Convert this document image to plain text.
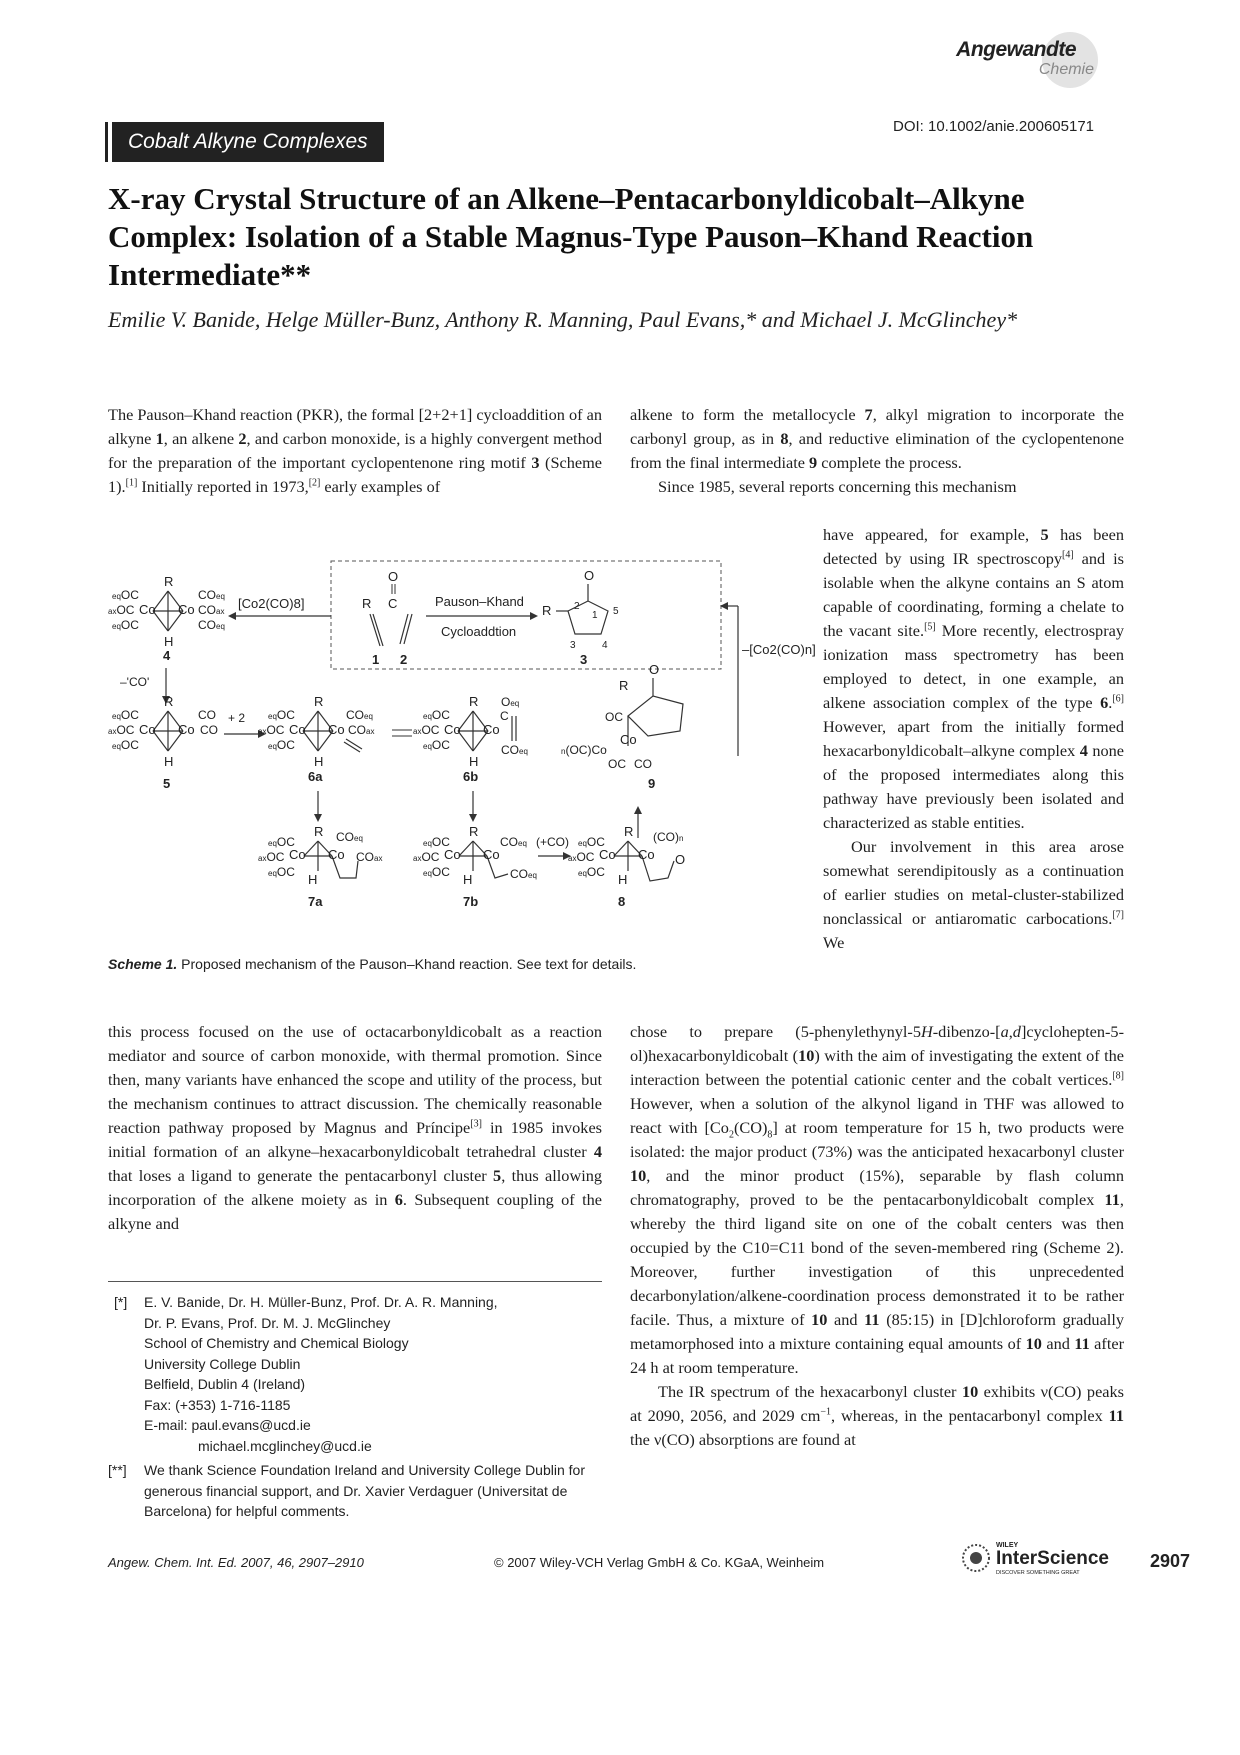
Angewandte
Chemie
DOI: 10.1002/anie.200605171
Cobalt Alkyne Complexes
X-ray Crystal Structure of an Alkene–Pentacarbonyldicobalt–Alkyne Complex: Isolation of a Stable Magnus-Type Pauson–Khand Reaction Intermediate**
Emilie V. Banide, Helge Müller-Bunz, Anthony R. Manning, Paul Evans,* and Michael J. McGlinchey*

The Pauson–Khand reaction (PKR), the formal [2+2+1] cycloaddition of an alkyne 1, an alkene 2, and carbon monoxide, is a highly convergent method for the preparation of the important cyclopentenone ring motif 3 (Scheme 1).[1] Initially reported in 1973,[2] early examples of

alkene to form the metallocycle 7, alkyl migration to incorporate the carbonyl group, as in 8, and reductive elimination of the cyclopentenone from the final intermediate 9 complete the process.

Since 1985, several reports concerning this mechanism

have appeared, for example, 5 has been detected by using IR spectroscopy[4] and is isolable when the alkyne contains an S atom capable of coordinating, forming a chelate to the vacant site.[5] More recently, electrospray ionization mass spectrometry has been employed to detect, in one example, an alkene association complex of the type 6.[6] However, apart from the initially formed hexacarbonyldicobalt–alkyne complex 4 none of the proposed intermediates along this pathway have previously been isolated and characterized as stable entities.

Our involvement in this area arose somewhat serendipitously as a continuation of earlier studies on metal-cluster-stabilized nonclassical or antiaromatic carbocations.[7] We

R
H
eqOC
axOC
eqOC
Co Co
COeq
COax
COeq
4
[Co2(CO)8]	R
O
C
1 2
Pauson–Khand
Cycloaddtion
O
R 2
1 5
3	4
3
–[Co2(CO)n]
–'CO'
R
H
eqOC
axOC
eqOC
Co Co
CO
CO
5
+ 2
R
H
eqOC
axOC
eqOC
Co Co
COeq
COax
6a
R
H
eqOC
axOC
eqOC
Co Co
Oeq
C
COeq
6b
O
R
OC
Co
n(OC)Co
OC CO
9
R
H
eqOC
axOC
eqOC
Co Co
COeq
COax
7a
R
H
eqOC
axOC
eqOC
Co Co
COeq
COeq
7b
(+CO)
R
H
eqOC
axOC
eqOC
Co Co
(CO)n
O
8
Scheme 1. Proposed mechanism of the Pauson–Khand reaction. See text for details.

this process focused on the use of octacarbonyldicobalt as a reaction mediator and source of carbon monoxide, with thermal promotion. Since then, many variants have enhanced the scope and utility of the process, but the mechanism continues to attract discussion. The chemically reasonable reaction pathway proposed by Magnus and Príncipe[3] in 1985 invokes initial formation of an alkyne–hexacarbonyldicobalt tetrahedral cluster 4 that loses a ligand to generate the pentacarbonyl cluster 5, thus allowing incorporation of the alkene moiety as in 6. Subsequent coupling of the alkyne and

chose to prepare (5-phenylethynyl-5H-dibenzo-[a,d]cyclohepten-5-ol)hexacarbonyldicobalt (10) with the aim of investigating the extent of the interaction between the potential cationic center and the cobalt vertices.[8] However, when a solution of the alkynol ligand in THF was allowed to react with $[Co_2(CO)_8]$ at room temperature for 15 h, two products were isolated: the major product (73%) was the anticipated hexacarbonyl cluster 10, and the minor product (15%), separable by flash column chromatography, proved to be the pentacarbonyldicobalt complex 11, whereby the third ligand site on one of the cobalt centers was then occupied by the C10=C11 bond of the seven-membered ring (Scheme 2). Moreover, further investigation of this unprecedented decarbonylation/alkene-coordination process demonstrated it to be rather facile. Thus, a mixture of 10 and 11 (85:15) in [D]chloroform gradually metamorphosed into a mixture containing equal amounts of 10 and 11 after 24 h at room temperature.

The IR spectrum of the hexacarbonyl cluster 10 exhibits ν(CO) peaks at 2090, 2056, and 2029 $cm^{-1}$, whereas, in the pentacarbonyl complex 11 the ν(CO) absorptions are found at

[*] E. V. Banide, Dr. H. Müller-Bunz, Prof. Dr. A. R. Manning,
Dr. P. Evans, Prof. Dr. M. J. McGlinchey
School of Chemistry and Chemical Biology
University College Dublin
Belfield, Dublin 4 (Ireland)
Fax: (+353) 1-716-1185
E-mail: paul.evans@ucd.ie
michael.mcglinchey@ucd.ie
[**] We thank Science Foundation Ireland and University College Dublin for generous financial support, and Dr. Xavier Verdaguer (Universitat de Barcelona) for helpful comments.
Angew. Chem. Int. Ed. 2007, 46, 2907–2910	© 2007 Wiley-VCH Verlag GmbH & Co. KGaA, Weinheim
WILEY
InterScience
DISCOVER SOMETHING GREAT
2907
